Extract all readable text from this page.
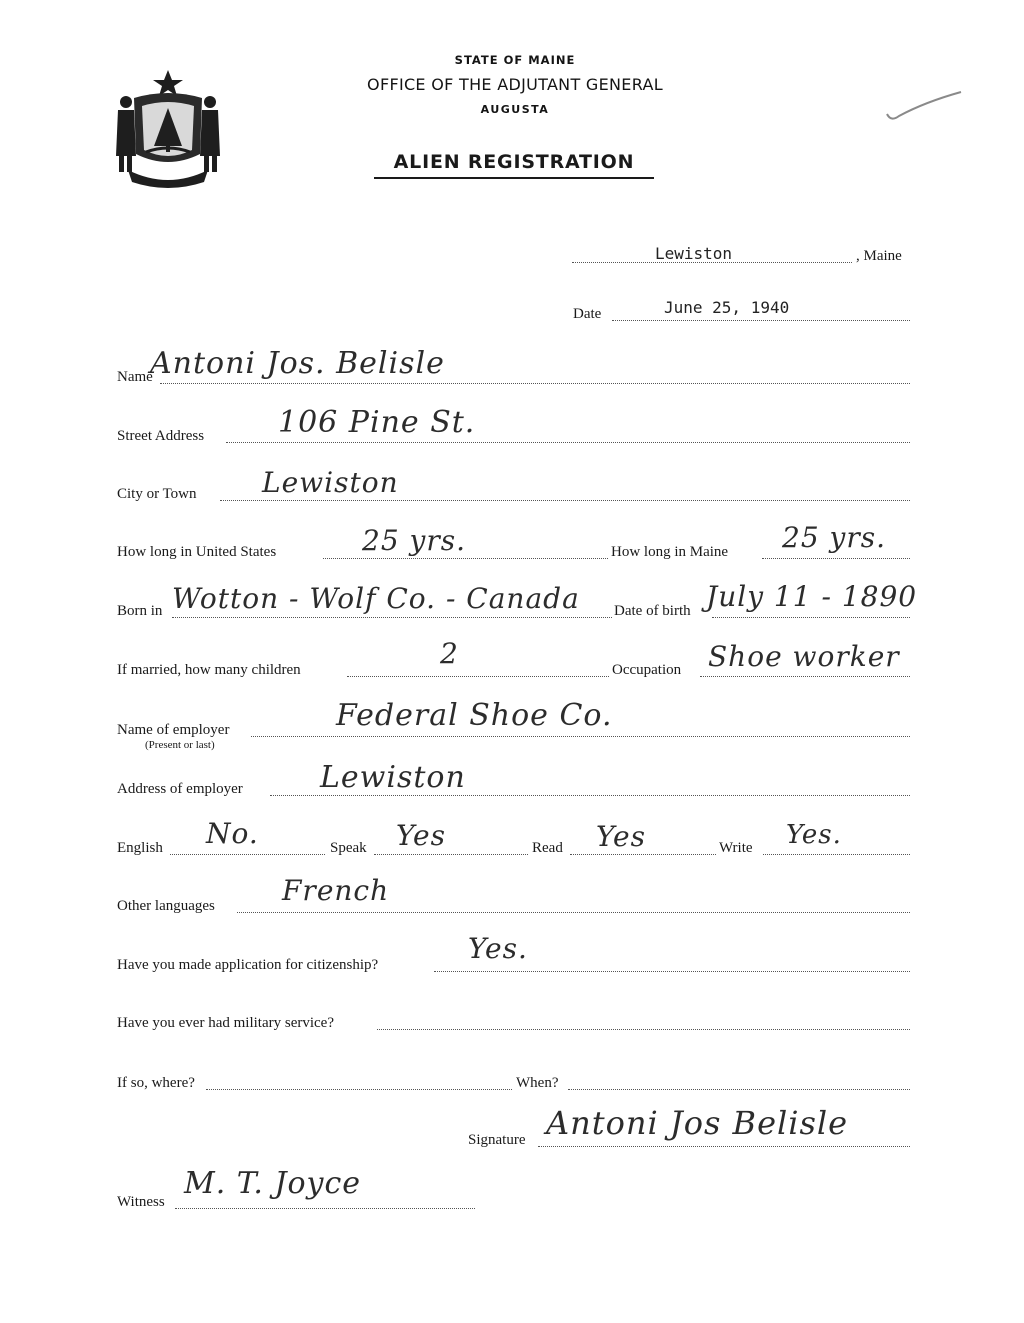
STATE OF MAINE
OFFICE OF THE ADJUTANT GENERAL
AUGUSTA
ALIEN REGISTRATION
Lewiston	, Maine
Date	June 25, 1940
Name
Antoni Jos. Belisle
Street Address 106 Pine St.
City or Town Lewiston
How long in United States	25 yrs.	How long in Maine 25 yrs.
Born in Wotton - Wolf Co. - Canada Date of birth July 11 - 1890
If married, how many children	2	Occupation Shoe worker
Name of employer
(Present or last)
Federal Shoe Co.
Address of employer	Lewiston
English No.	Speak Yes	Read Yes	Write Yes.
Other languages French
Have you made application for citizenship?	Yes.
Have you ever had military service?
If so, where?	When?
Signature Antoni Jos Belisle
Witness
M. T. Joyce
